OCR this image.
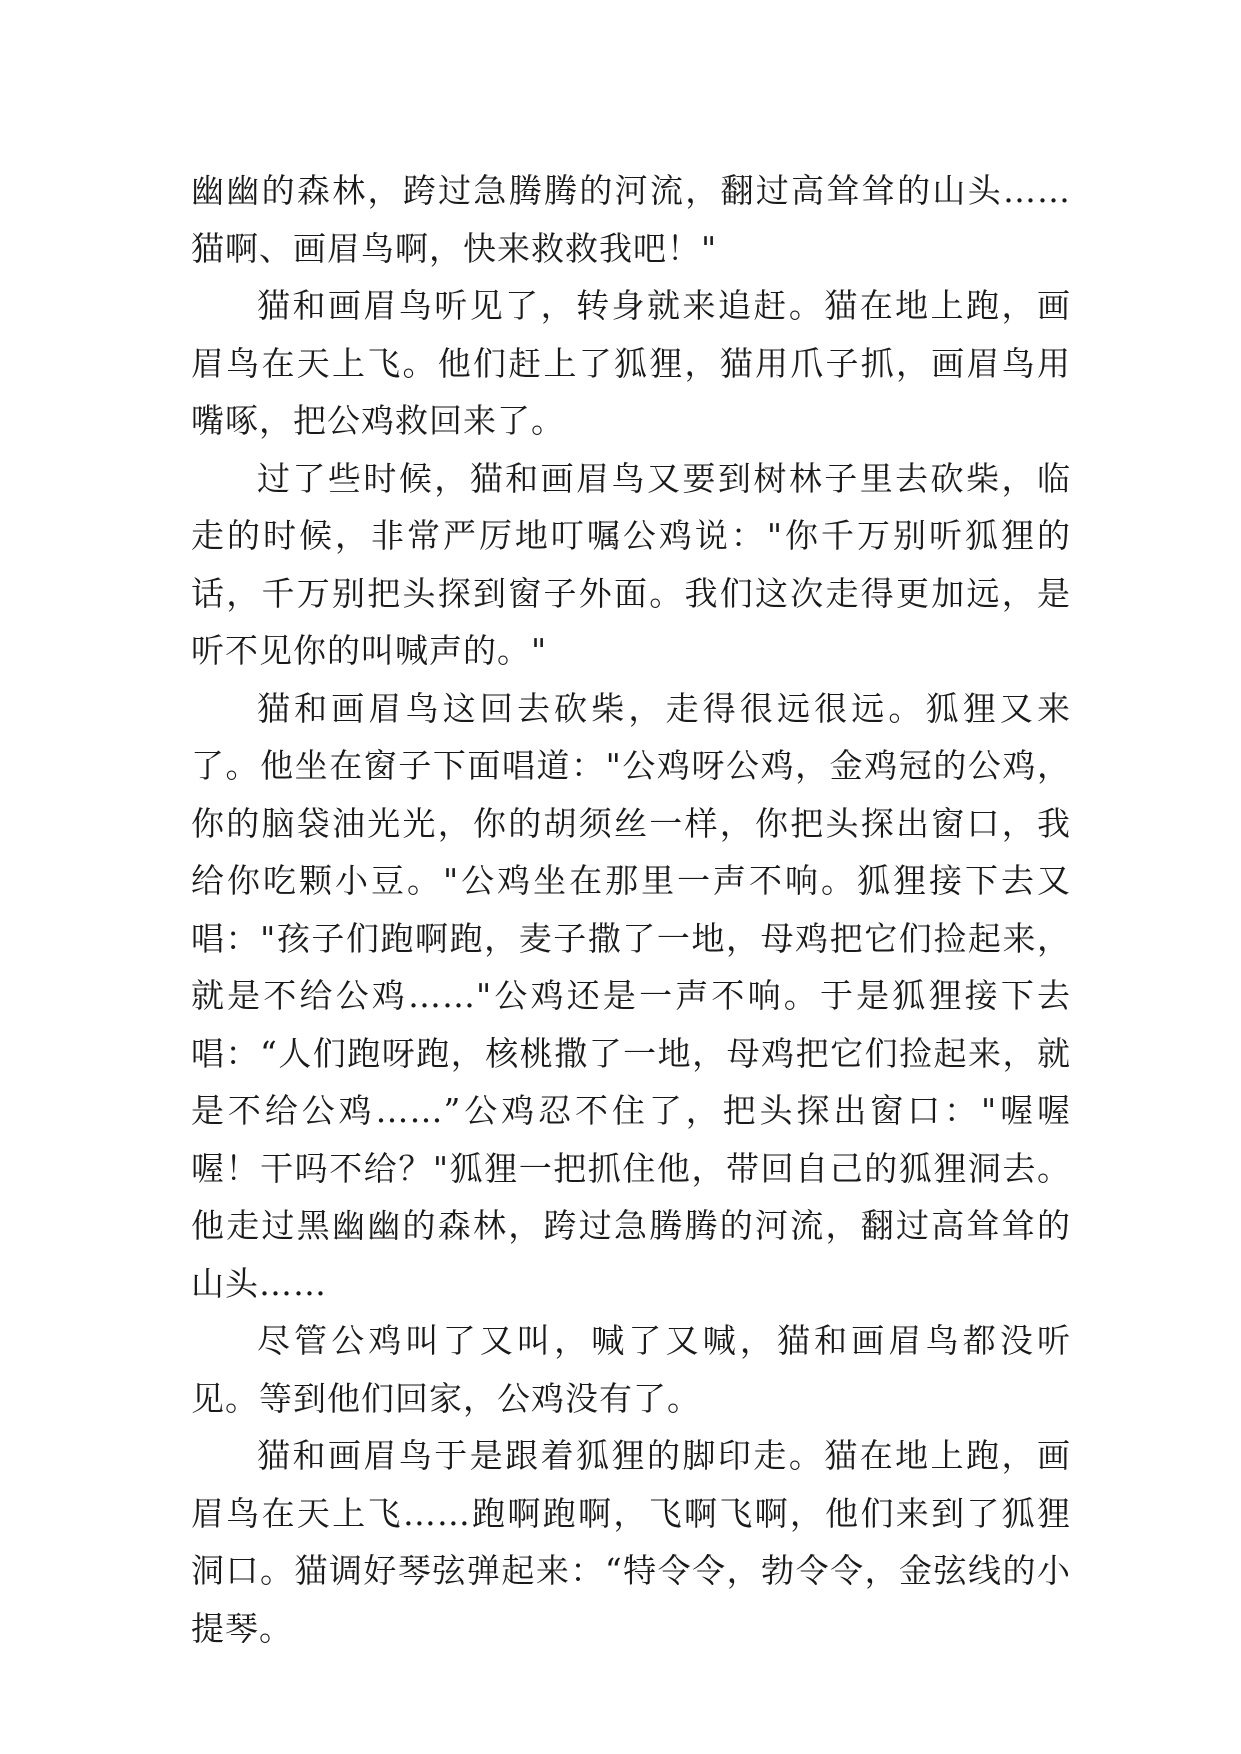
幽幽的森林，跨过急腾腾的河流，翻过高耸耸的山头……猫啊、画眉鸟啊，快来救救我吧！"

猫和画眉鸟听见了，转身就来追赶。猫在地上跑，画眉鸟在天上飞。他们赶上了狐狸，猫用爪子抓，画眉鸟用嘴啄，把公鸡救回来了。

过了些时候，猫和画眉鸟又要到树林子里去砍柴，临走的时候，非常严厉地叮嘱公鸡说："你千万别听狐狸的话，千万别把头探到窗子外面。我们这次走得更加远，是听不见你的叫喊声的。"

猫和画眉鸟这回去砍柴，走得很远很远。狐狸又来了。他坐在窗子下面唱道："公鸡呀公鸡，金鸡冠的公鸡，你的脑袋油光光，你的胡须丝一样，你把头探出窗口，我给你吃颗小豆。"公鸡坐在那里一声不响。狐狸接下去又唱："孩子们跑啊跑，麦子撒了一地，母鸡把它们捡起来，就是不给公鸡……"公鸡还是一声不响。于是狐狸接下去唱：“人们跑呀跑，核桃撒了一地，母鸡把它们捡起来，就是不给公鸡……”公鸡忍不住了，把头探出窗口："喔喔喔！干吗不给？"狐狸一把抓住他，带回自己的狐狸洞去。他走过黑幽幽的森林，跨过急腾腾的河流，翻过高耸耸的山头……

尽管公鸡叫了又叫，喊了又喊，猫和画眉鸟都没听见。等到他们回家，公鸡没有了。

猫和画眉鸟于是跟着狐狸的脚印走。猫在地上跑，画眉鸟在天上飞……跑啊跑啊，飞啊飞啊，他们来到了狐狸洞口。猫调好琴弦弹起来：“特令令，勃令令，金弦线的小提琴。
